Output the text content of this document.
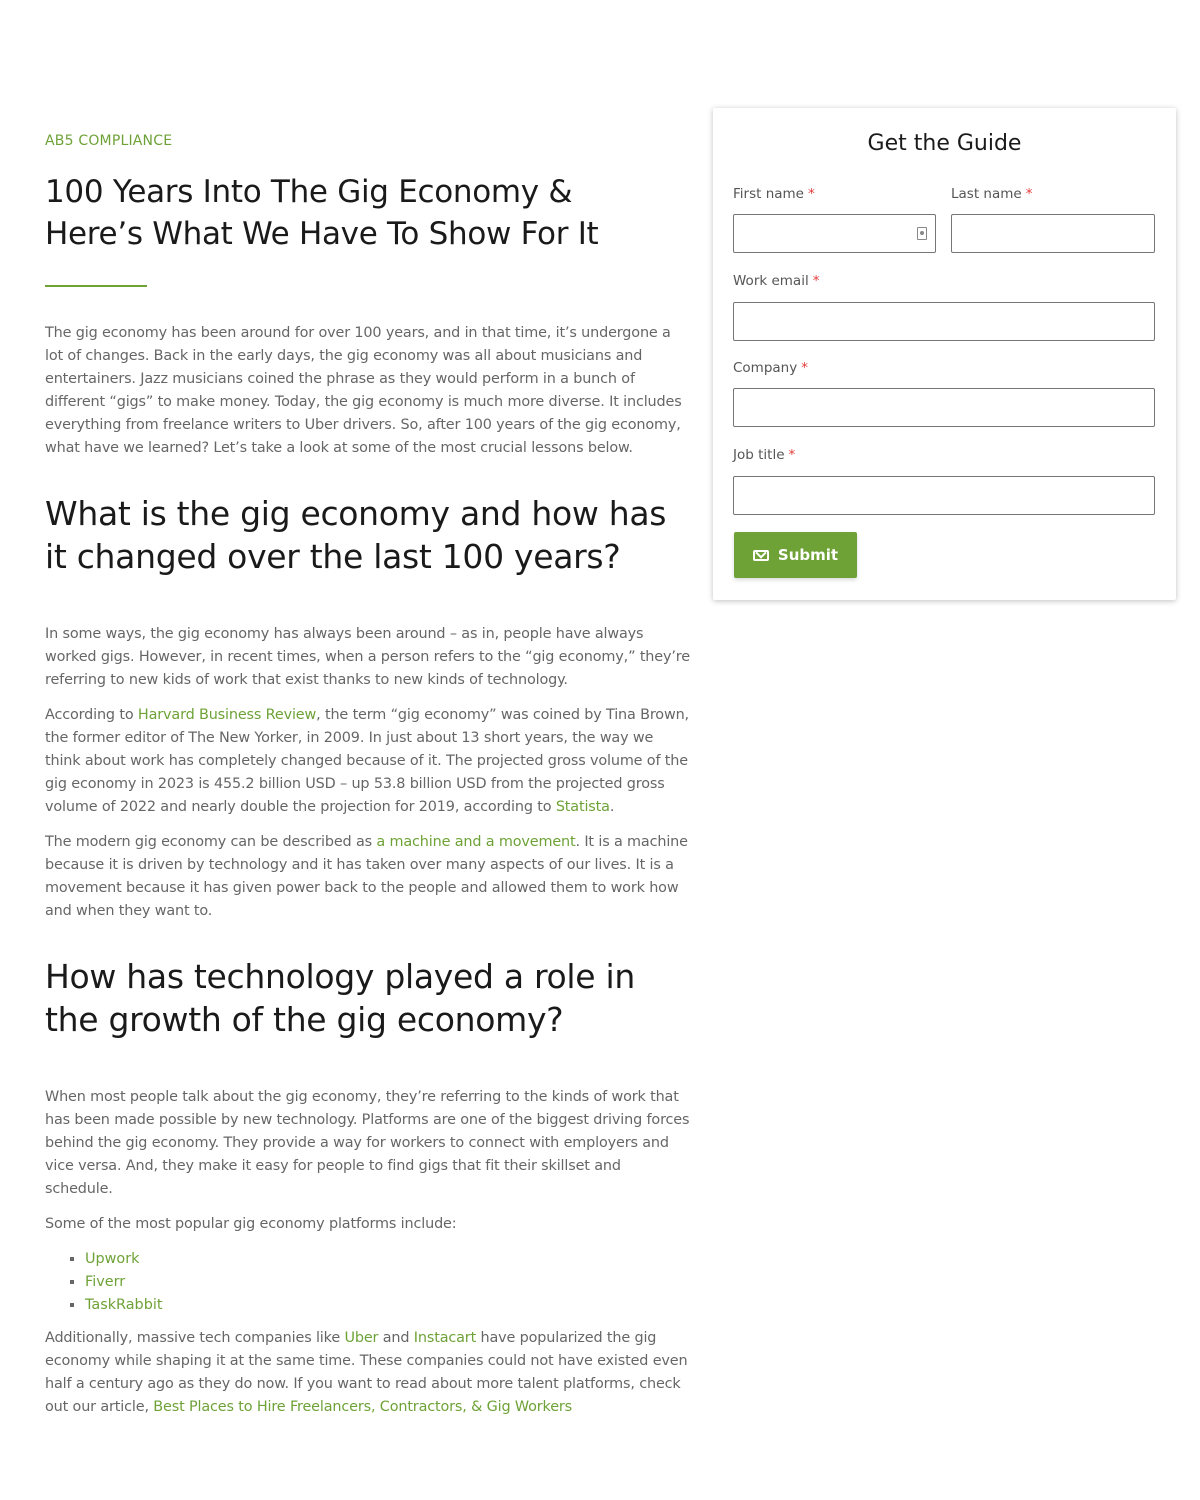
AB5 COMPLIANCE
100 Years Into The Gig Economy &
Here’s What We Have To Show For It

The gig economy has been around for over 100 years, and in that time, it’s undergone a lot of changes. Back in the early days, the gig economy was all about musicians and entertainers. Jazz musicians coined the phrase as they would perform in a bunch of different “gigs” to make money. Today, the gig economy is much more diverse. It includes everything from freelance writers to Uber drivers. So, after 100 years of the gig economy, what have we learned? Let’s take a look at some of the most crucial lessons below.

What is the gig economy and how has it changed over the last 100 years?

In some ways, the gig economy has always been around – as in, people have always worked gigs. However, in recent times, when a person refers to the “gig economy,” they’re referring to new kids of work that exist thanks to new kinds of technology.

According to Harvard Business Review, the term “gig economy” was coined by Tina Brown, the former editor of The New Yorker, in 2009. In just about 13 short years, the way we think about work has completely changed because of it. The projected gross volume of the gig economy in 2023 is 455.2 billion USD – up 53.8 billion USD from the projected gross volume of 2022 and nearly double the projection for 2019, according to Statista.

The modern gig economy can be described as a machine and a movement. It is a machine because it is driven by technology and it has taken over many aspects of our lives. It is a movement because it has given power back to the people and allowed them to work how and when they want to.

How has technology played a role in the growth of the gig economy?

When most people talk about the gig economy, they’re referring to the kinds of work that has been made possible by new technology. Platforms are one of the biggest driving forces behind the gig economy. They provide a way for workers to connect with employers and vice versa. And, they make it easy for people to find gigs that fit their skillset and schedule.

Some of the most popular gig economy platforms include:

▪ Upwork
▪ Fiverr
▪ TaskRabbit

Additionally, massive tech companies like Uber and Instacart have popularized the gig economy while shaping it at the same time. These companies could not have existed even half a century ago as they do now. If you want to read about more talent platforms, check out our article, Best Places to Hire Freelancers, Contractors, & Gig Workers

Get the Guide
First name *	Last name *
Work email *
Company *
Job title *
Submit
